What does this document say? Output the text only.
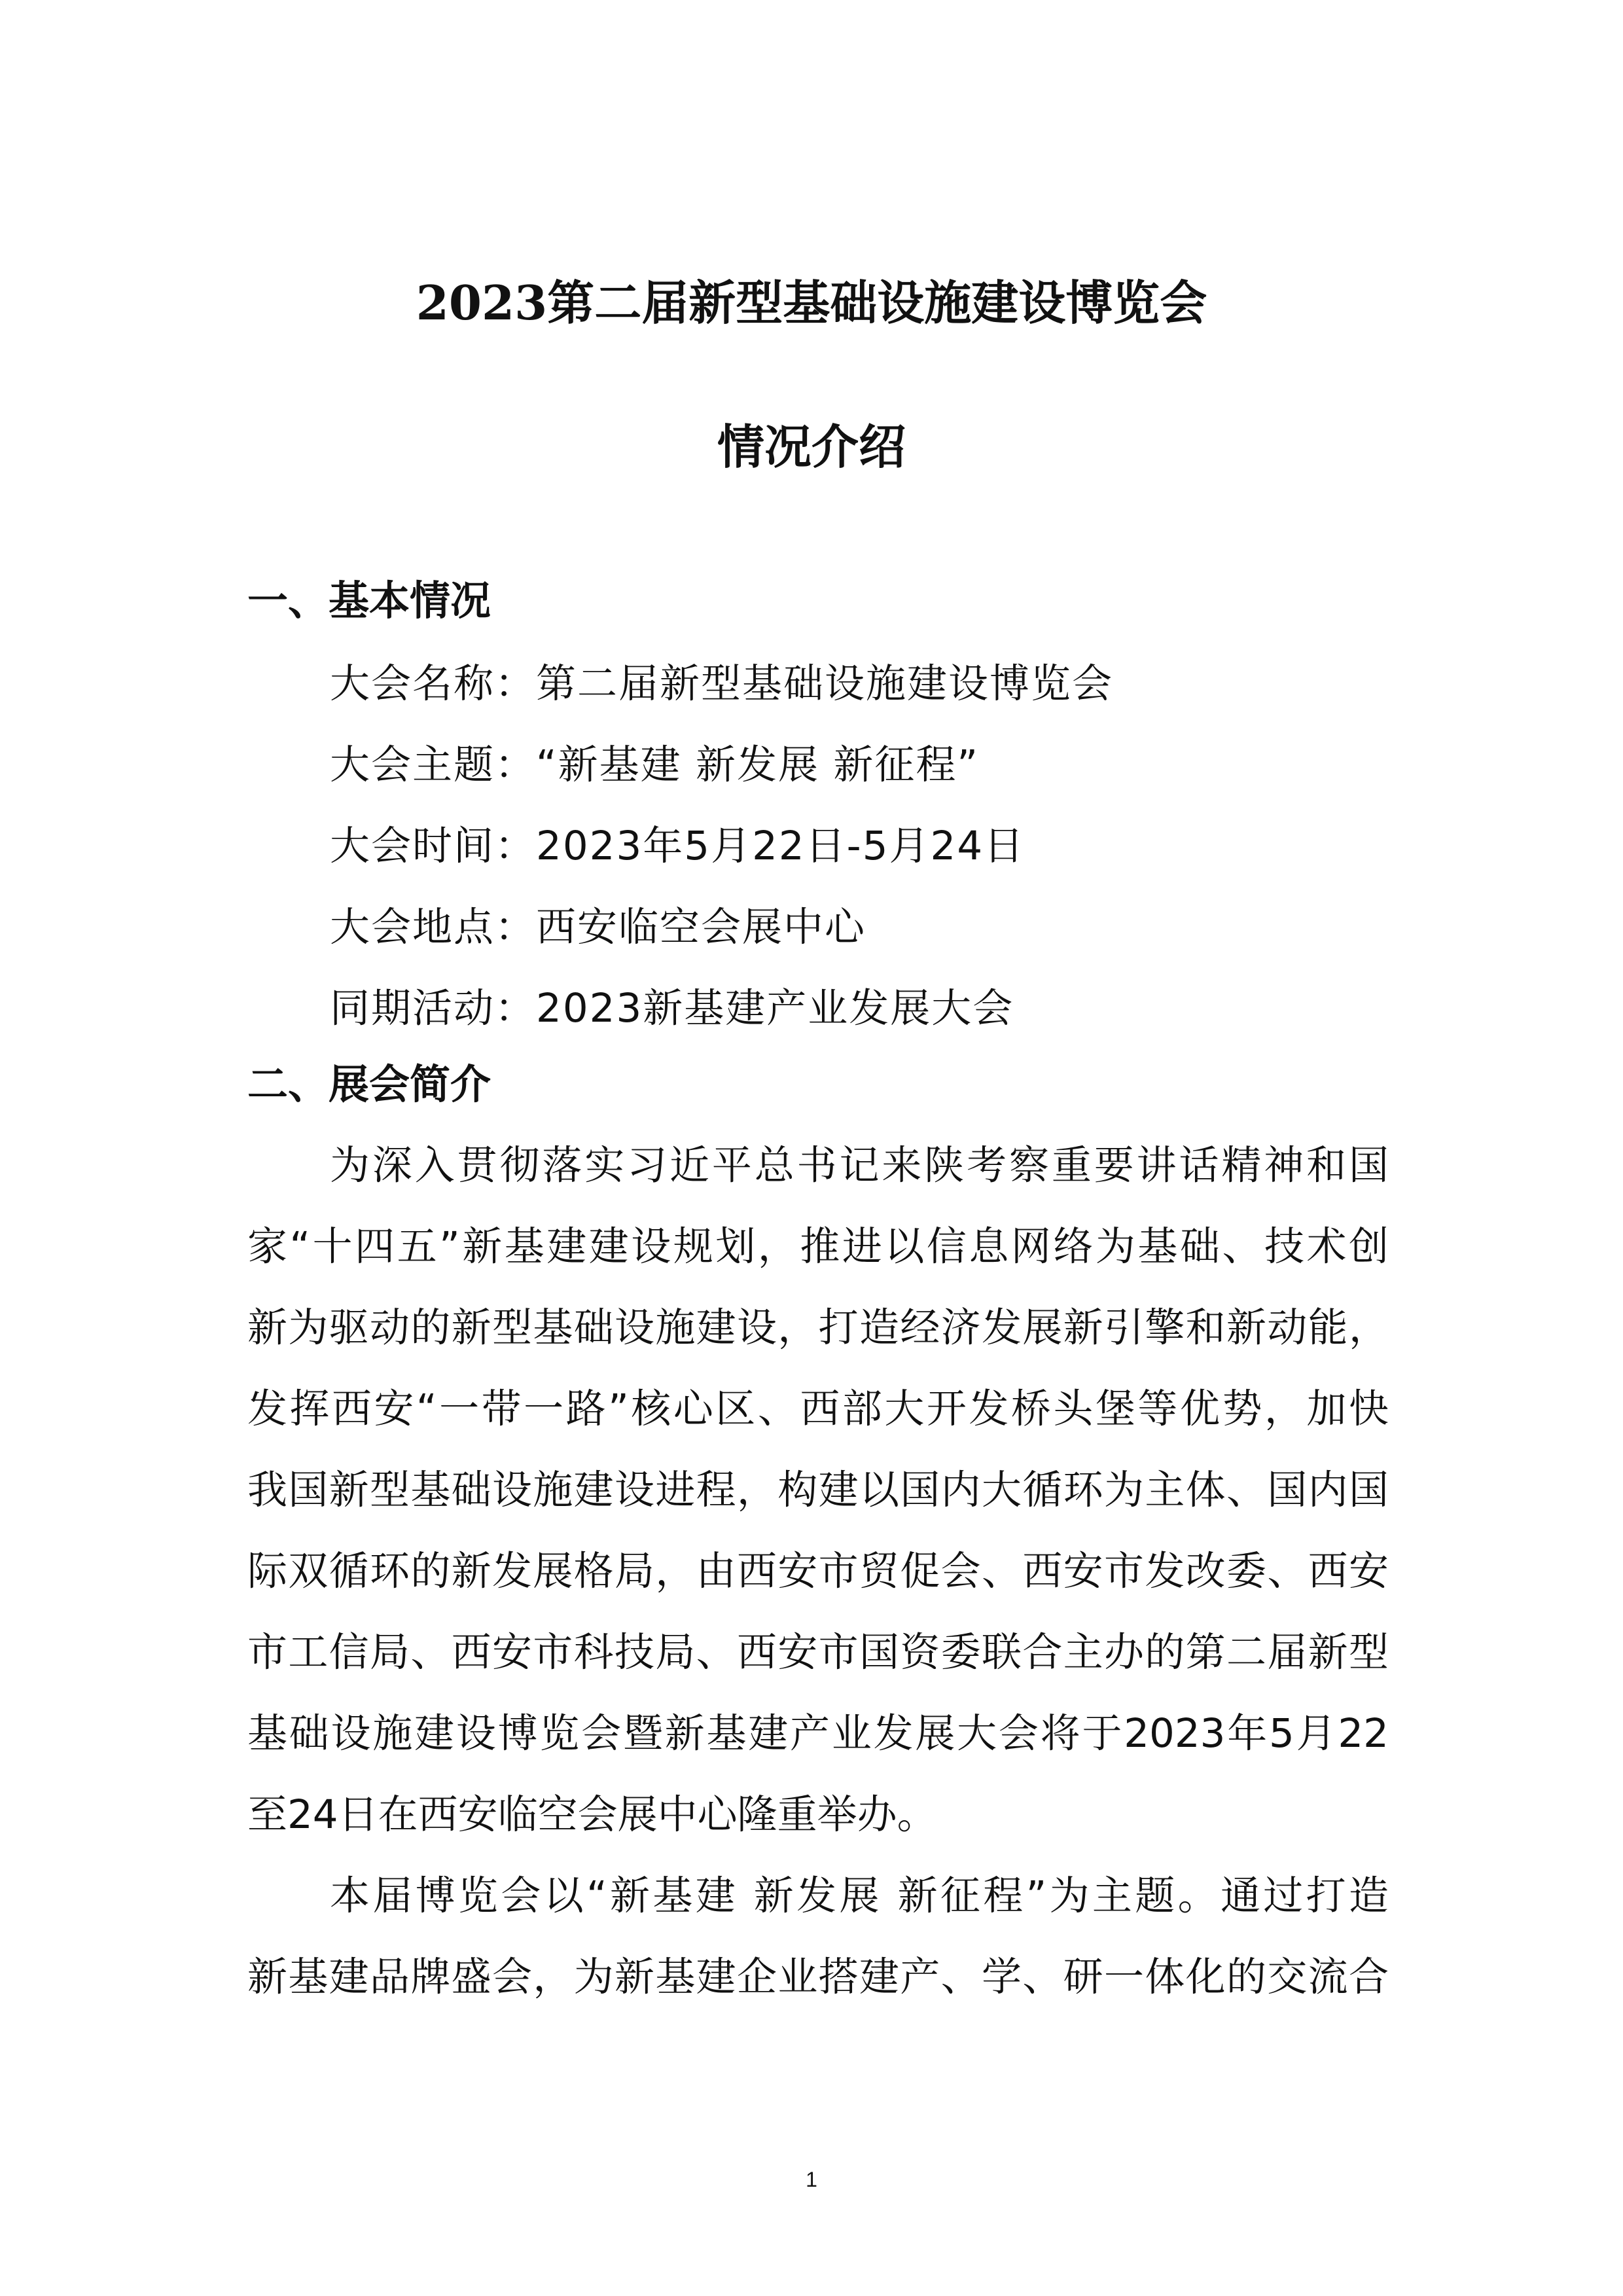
2023第二届新型基础设施建设博览会
情况介绍
一、基本情况

大会名称：第二届新型基础设施建设博览会

大会主题：“新基建 新发展 新征程”

大会时间：2023年5月22日-5月24日

大会地点：西安临空会展中心

同期活动：2023新基建产业发展大会

二、展会简介

为深入贯彻落实习近平总书记来陕考察重要讲话精神和国

家“十四五”新基建建设规划，推进以信息网络为基础、技术创

新为驱动的新型基础设施建设，打造经济发展新引擎和新动能，

发挥西安“一带一路”核心区、西部大开发桥头堡等优势，加快

我国新型基础设施建设进程，构建以国内大循环为主体、国内国

际双循环的新发展格局，由西安市贸促会、西安市发改委、西安

市工信局、西安市科技局、西安市国资委联合主办的第二届新型

基础设施建设博览会暨新基建产业发展大会将于2023年5月22

至24日在西安临空会展中心隆重举办。

本届博览会以“新基建 新发展 新征程”为主题。通过打造

新基建品牌盛会，为新基建企业搭建产、学、研一体化的交流合

1
